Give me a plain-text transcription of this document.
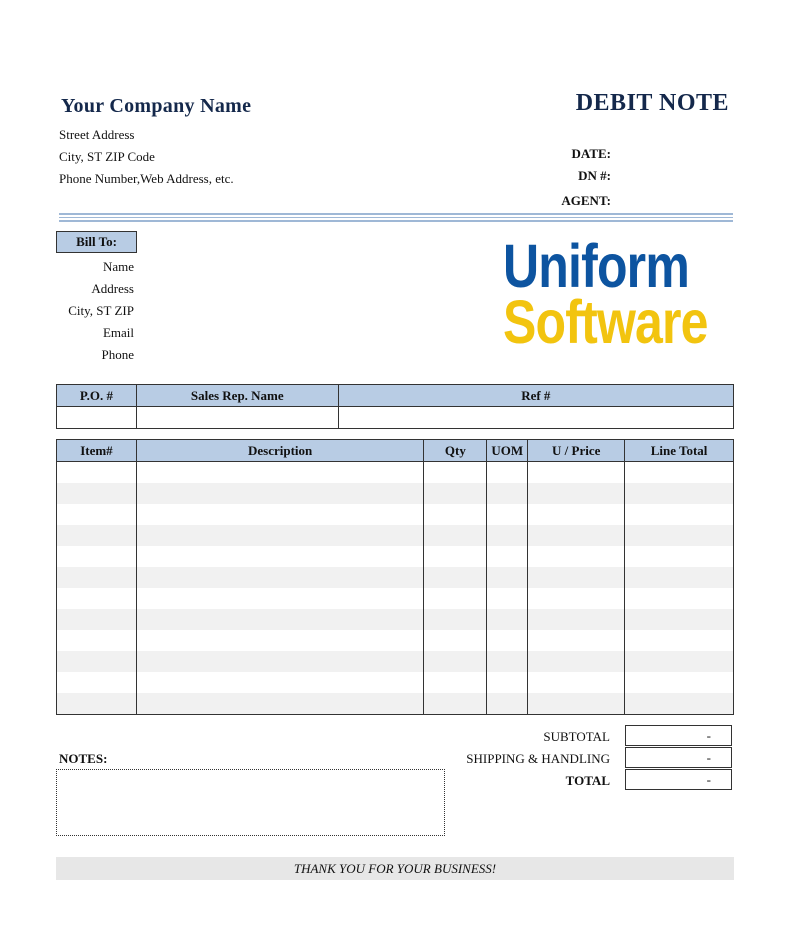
Your Company Name	DEBIT NOTE
Street Address
City, ST ZIP Code
Phone Number,Web Address, etc.
DATE:
DN #:
AGENT:
Bill To:
Name
Address
City, ST ZIP
Email
Phone
Uniform
Software
P.O. #	Sales Rep. Name	Ref #

Item#	Description	Qty	UOM	U / Price	Line Total

SUBTOTAL	-
SHIPPING & HANDLING	-
TOTAL	-
NOTES:
THANK YOU FOR YOUR BUSINESS!
